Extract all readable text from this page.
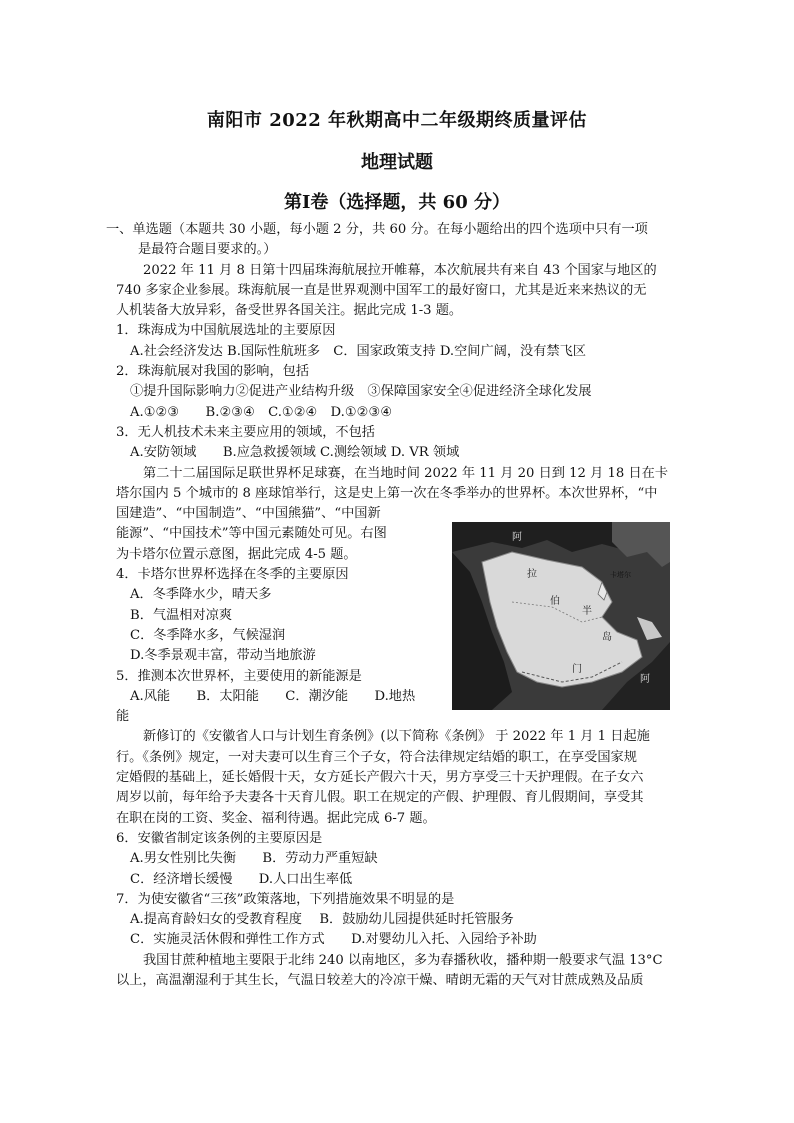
南阳市 2022 年秋期高中二年级期终质量评估
地理试题
第Ⅰ卷（选择题，共 60 分）
一、单选题（本题共 30 小题，每小题 2 分，共 60 分。在每小题给出的四个选项中只有一项
是最符合题目要求的。）
2022 年 11 月 8 日第十四届珠海航展拉开帷幕，本次航展共有来自 43 个国家与地区的
740 多家企业参展。珠海航展一直是世界观测中国军工的最好窗口，尤其是近来来热议的无
人机装备大放异彩，备受世界各国关注。据此完成 1-3 题。
1．珠海成为中国航展选址的主要原因
A.社会经济发达 B.国际性航班多　C．国家政策支持 D.空间广阔，没有禁飞区
2．珠海航展对我国的影响，包括
①提升国际影响力②促进产业结构升级　③保障国家安全④促进经济全球化发展
A.①②③　　B.②③④　C.①②④　D.①②③④
3．无人机技术未来主要应用的领域，不包括
A.安防领域　　B.应急救援领域 C.测绘领域 D. VR 领域
第二十二届国际足联世界杯足球赛，在当地时间 2022 年 11 月 20 日到 12 月 18 日在卡
塔尔国内 5 个城市的 8 座球馆举行，这是史上第一次在冬季举办的世界杯。本次世界杯，“中
国建造”、“中国制造”、“中国熊猫”、“中国新
能源”、“中国技术”等中国元素随处可见。右图
为卡塔尔位置示意图，据此完成 4-5 题。
4．卡塔尔世界杯选择在冬季的主要原因
A．冬季降水少，晴天多
B．气温相对凉爽
C．冬季降水多，气候湿润
D.冬季景观丰富，带动当地旅游
5．推测本次世界杯，主要使用的新能源是
A.风能　　B．太阳能　　C．潮汐能　　D.地热
能
新修订的《安徽省人口与计划生育条例》(以下简称《条例》 于 2022 年 1 月 1 日起施
行。《条例》规定，一对夫妻可以生育三个子女，符合法律规定结婚的职工，在享受国家规
定婚假的基础上，延长婚假十天，女方延长产假六十天，男方享受三十天护理假。在子女六
周岁以前，每年给予夫妻各十天育儿假。职工在规定的产假、护理假、育儿假期间，享受其
在职在岗的工资、奖金、福利待遇。据此完成 6-7 题。
6．安徽省制定该条例的主要原因是
A.男女性别比失衡　　B．劳动力严重短缺
C．经济增长缓慢　　D.人口出生率低
7．为使安徽省“三孩”政策落地，下列措施效果不明显的是
A.提高育龄妇女的受教育程度　 B．鼓励幼儿园提供延时托管服务
C．实施灵活休假和弹性工作方式　　D.对婴幼儿入托、入园给予补助
我国甘蔗种植地主要限于北纬 240 以南地区，多为春播秋收，播种期一般要求气温 13°C
以上，高温潮湿利于其生长，气温日较差大的冷凉干燥、晴朗无霜的天气对甘蔗成熟及品质
阿
拉
伯
半
岛
卡塔尔
门
阿
